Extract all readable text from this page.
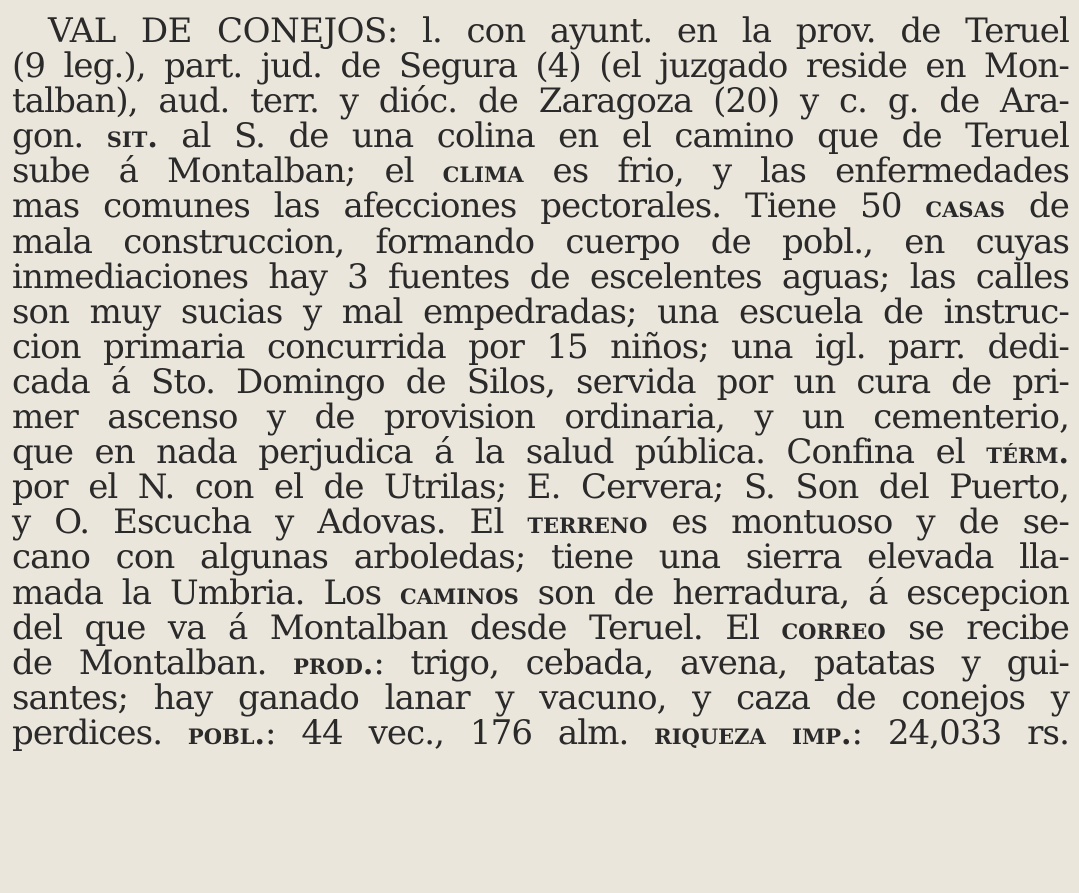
VAL DE CONEJOS: l. con ayunt. en la prov. de Teruel
(9 leg.), part. jud. de Segura (4) (el juzgado reside en Mon-
talban), aud. terr. y dióc. de Zaragoza (20) y c. g. de Ara-
gon. sit. al S. de una colina en el camino que de Teruel
sube á Montalban; el clima es frio, y las enfermedades
mas comunes las afecciones pectorales. Tiene 50 casas de
mala construccion, formando cuerpo de pobl., en cuyas
inmediaciones hay 3 fuentes de escelentes aguas; las calles
son muy sucias y mal empedradas; una escuela de instruc-
cion primaria concurrida por 15 niños; una igl. parr. dedi-
cada á Sto. Domingo de Silos, servida por un cura de pri-
mer ascenso y de provision ordinaria, y un cementerio,
que en nada perjudica á la salud pública. Confina el térm.
por el N. con el de Utrilas; E. Cervera; S. Son del Puerto,
y O. Escucha y Adovas. El terreno es montuoso y de se-
cano con algunas arboledas; tiene una sierra elevada lla-
mada la Umbria. Los caminos son de herradura, á escepcion
del que va á Montalban desde Teruel. El correo se recibe
de Montalban. prod.: trigo, cebada, avena, patatas y gui-
santes; hay ganado lanar y vacuno, y caza de conejos y
perdices. pobl.: 44 vec., 176 alm. riqueza imp.: 24,033 rs.
